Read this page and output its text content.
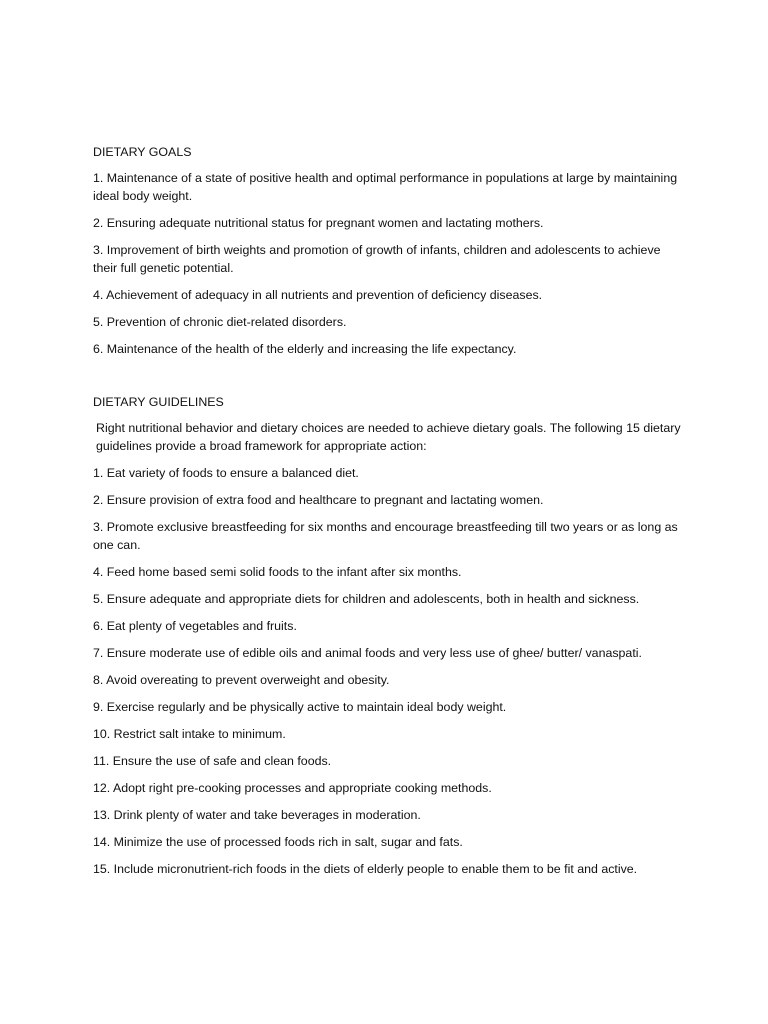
DIETARY GOALS
1. Maintenance of a state of positive health and optimal performance in populations at large by maintaining ideal body weight.
2. Ensuring adequate nutritional status for pregnant women and lactating mothers.
3. Improvement of birth weights and promotion of growth of infants, children and adolescents to achieve their full genetic potential.
4. Achievement of adequacy in all nutrients and prevention of deficiency diseases.
5. Prevention of chronic diet-related disorders.
6. Maintenance of the health of the elderly and increasing the life expectancy.
DIETARY GUIDELINES
Right nutritional behavior and dietary choices are needed to achieve dietary goals. The following 15 dietary guidelines provide a broad framework for appropriate action:
1. Eat variety of foods to ensure a balanced diet.
2. Ensure provision of extra food and healthcare to pregnant and lactating women.
3. Promote exclusive breastfeeding for six months and encourage breastfeeding till two years or as long as one can.
4. Feed home based semi solid foods to the infant after six months.
5. Ensure adequate and appropriate diets for children and adolescents, both in health and sickness.
6. Eat plenty of vegetables and fruits.
7. Ensure moderate use of edible oils and animal foods and very less use of ghee/ butter/ vanaspati.
8. Avoid overeating to prevent overweight and obesity.
9. Exercise regularly and be physically active to maintain ideal body weight.
10. Restrict salt intake to minimum.
11. Ensure the use of safe and clean foods.
12. Adopt right pre-cooking processes and appropriate cooking methods.
13. Drink plenty of water and take beverages in moderation.
14. Minimize the use of processed foods rich in salt, sugar and fats.
15. Include micronutrient-rich foods in the diets of elderly people to enable them to be fit and active.
